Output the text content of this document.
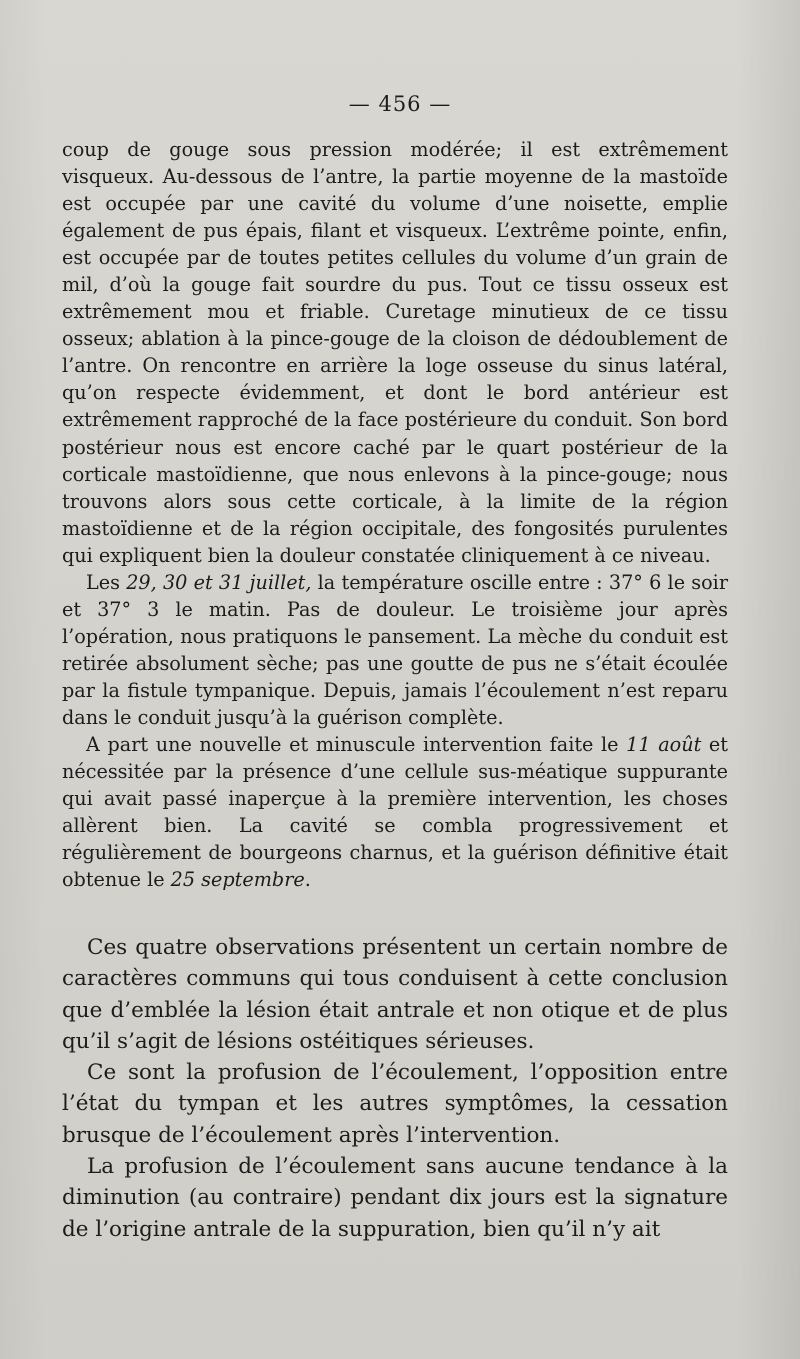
— 456 —

coup de gouge sous pression modérée; il est extrêmement visqueux. Au-dessous de l’antre, la partie moyenne de la mastoïde est occupée par une cavité du volume d’une noisette, emplie également de pus épais, filant et visqueux. L’extrême pointe, enfin, est occupée par de toutes petites cellules du volume d’un grain de mil, d’où la gouge fait sourdre du pus. Tout ce tissu osseux est extrêmement mou et friable. Curetage minutieux de ce tissu osseux; ablation à la pince-gouge de la cloison de dédoublement de l’antre. On rencontre en arrière la loge osseuse du sinus latéral, qu’on respecte évidemment, et dont le bord antérieur est extrêmement rapproché de la face postérieure du conduit. Son bord postérieur nous est encore caché par le quart postérieur de la corticale mastoïdienne, que nous enlevons à la pince-gouge; nous trouvons alors sous cette corticale, à la limite de la région mastoïdienne et de la région occipitale, des fongosités purulentes qui expliquent bien la douleur constatée cliniquement à ce niveau.

Les 29, 30 et 31 juillet, la température oscille entre : 37° 6 le soir et 37° 3 le matin. Pas de douleur. Le troisième jour après l’opération, nous pratiquons le pansement. La mèche du conduit est retirée absolument sèche; pas une goutte de pus ne s’était écoulée par la fistule tympanique. Depuis, jamais l’écoulement n’est reparu dans le conduit jusqu’à la guérison complète.

A part une nouvelle et minuscule intervention faite le 11 août et nécessitée par la présence d’une cellule sus-méatique suppurante qui avait passé inaperçue à la première intervention, les choses allèrent bien. La cavité se combla progressivement et régulièrement de bourgeons charnus, et la guérison définitive était obtenue le 25 septembre.

Ces quatre observations présentent un certain nombre de caractères communs qui tous conduisent à cette conclusion que d’emblée la lésion était antrale et non otique et de plus qu’il s’agit de lésions ostéitiques sérieuses.

Ce sont la profusion de l’écoulement, l’opposition entre l’état du tympan et les autres symptômes, la cessation brusque de l’écoulement après l’intervention.

La profusion de l’écoulement sans aucune tendance à la diminution (au contraire) pendant dix jours est la signature de l’origine antrale de la suppuration, bien qu’il n’y ait
